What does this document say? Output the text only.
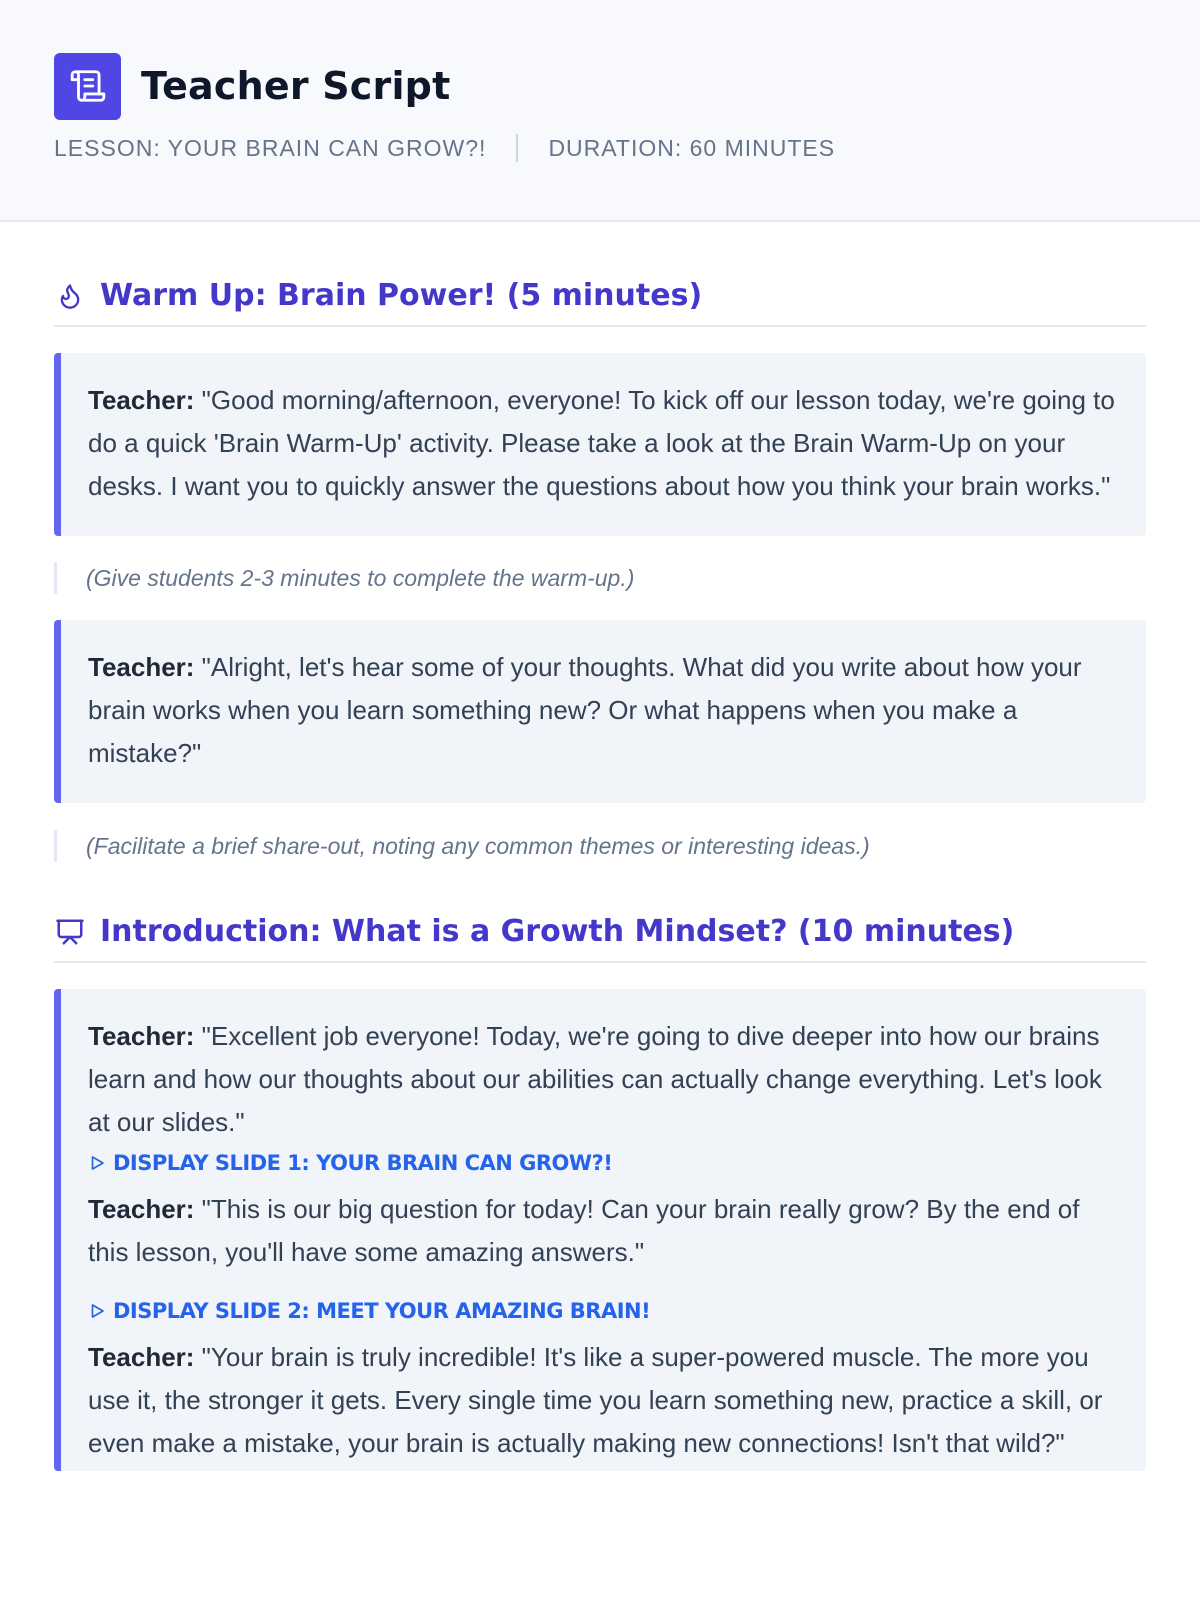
Teacher Script
LESSON: YOUR BRAIN CAN GROW?!	DURATION: 60 MINUTES
Warm Up: Brain Power! (5 minutes)
Teacher: "Good morning/afternoon, everyone! To kick off our lesson today, we're going to do a quick 'Brain Warm-Up' activity. Please take a look at the Brain Warm-Up on your desks. I want you to quickly answer the questions about how you think your brain works."
(Give students 2-3 minutes to complete the warm-up.)
Teacher: "Alright, let's hear some of your thoughts. What did you write about how your brain works when you learn something new? Or what happens when you make a mistake?"
(Facilitate a brief share-out, noting any common themes or interesting ideas.)
Introduction: What is a Growth Mindset? (10 minutes)
Teacher: "Excellent job everyone! Today, we're going to dive deeper into how our brains learn and how our thoughts about our abilities can actually change everything. Let's look at our slides."
DISPLAY SLIDE 1: YOUR BRAIN CAN GROW?!
Teacher: "This is our big question for today! Can your brain really grow? By the end of this lesson, you'll have some amazing answers."
DISPLAY SLIDE 2: MEET YOUR AMAZING BRAIN!
Teacher: "Your brain is truly incredible! It's like a super-powered muscle. The more you use it, the stronger it gets. Every single time you learn something new, practice a skill, or even make a mistake, your brain is actually making new connections! Isn't that wild?"
